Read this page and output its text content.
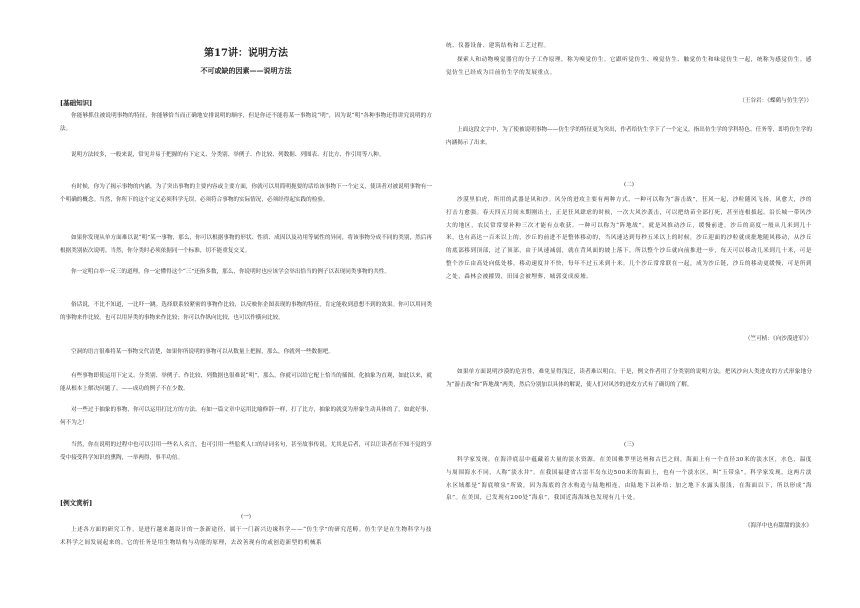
第17讲：说明方法
不可或缺的因素——说明方法
[基础知识]

你能够抓住被说明事物的特征，你能够恰当而正确地安排说明的顺序，但是你还不能将某一事物说“明”，因为说“明”各种事物还得讲究说明的方法。

说明方法较多，一般来说，常见并易于把握的有下定义、分类别、举例子、作比较、列数据、列图表、打比方、作引用等八种。

有时候，你为了揭示事物的内涵，为了突出事物的主要内容或主要方面，你就可以用简明扼要的话给该事物下一个定义，使读者对被说明事物有一个明确的概念。当然，你所下的这个定义必须科学无误，必须符合事物的实际情况，必须经得起实践的检验。

如果你发现从单方面难以说“明”某一事物，那么，你可以根据事物的形状、性质、成因以及功用等属性的异同，将该事物分成不同的类别，然后再根据类别依次说明。当然，你分类时必须依据同一个标准，切不能重复交叉。

你一定明白举一反三的道理，你一定懂得这个“三”还指多数，那么，你说明时也应该学会举出恰当的例子以表现同类事物的共性。

俗话说，不比不知道，一比吓一跳。选择联系较紧密的事物作比较，以反映你企图表现的事物的特征，肯定能收到意想不到的效果。你可以用同类的事物来作比较，也可以用异类的事物来作比较；你可以作纵向比较，也可以作横向比较。

空洞的语言很难将某一事物交代清楚，如果你所说明的事物可以从数量上把握，那么，你就列一些数据吧。

有些事物即使运用下定义、分类别、举例子、作比较、列数据也很难说“明”，那么，你就可以给它配上恰当的插图，化抽象为直观，如此以来，就能从根本上解决问题了。——成功的例子不在少数。

对一些过于抽象的事物，你可以运用打比方的方法。有如一篇文章中运用比喻修辞一样，打了比方，抽象的就变为形象生动具体的了，如此好事，何不为之！

当然，你在说明的过程中也可以引用一些名人名言，也可引用一些脍炙人口的诗词名句，甚至故事传说。尤其是后者，可以让读者在不知不觉的享受中接受科学知识的熏陶，一举两得，事半功倍。

[例文赏析]
(一)

上述各方面的研究工作，是进行越来越设计的一条新途径，属于一门新兴边缘科学——“仿生学”的研究范畴。仿生学是在生物科学与技术科学之间发展起来的，它的任务是用生物结构与功能的原理，去改善现有的或创造新型的机械系

统、仪器设备、建筑结构和工艺过程。

探索人和动物嗅觉器官的分子工作原理，称为嗅觉仿生。它跟听觉仿生、嗅觉仿生、触觉仿生和味觉仿生一起，统称为感觉仿生。感觉仿生已经成为目前仿生学的发展重点。

（王谷岩：《蝶鹤与仿生学》）

上面这段文字中，为了使被说明事物——仿生学的特征更为突出，作者给仿生学下了一个定义，指出仿生学的学科特色、任务等，即将仿生学的内涵揭示了出来。

(二)

沙漠里伯虎，所用的武器是风和沙。风分的进攻主要有两种方式，一种可以称为“游击战”，狂风一起，沙粒随风飞扬，风愈大，沙的打击力愈强。春天四五月间末期刚出土，正是狂风肆虐的时候，一次大风沙袭击，可以把幼苗全部打死，甚至连根拔起。沿长城一带风沙大的地区，农民常常要补种三次才能有点收获。一种可以称为“阵地战”，就是风推动沙丘，缓慢前进。沙丘的高度一般从几米到几十米，也有高达一百米以上的，沙丘的前进不是整体移动的，当风速达到每秒五米以上的时候，沙丘迎面的沙粒就成批地随风移动，从沙丘的底部移到顶部，过了顶部，由于风速减弱，就在背风面的坡上落下，所以整个沙丘就向前推进一步，每天可以移动几米到几十米，可是整个沙丘由高处向低处移，移动速度并不快，每年不过五米到十米。几个沙丘常常联在一起，成为沙丘链，沙丘的移动更缓慢，可是所到之处，森林会被摧毁，田园会被埋葬，城郭变成废墟。

（竺可桢：《向沙漠进军》）

如果单方面说明沙漠的危害性，难免显得浅泛，读者难以明白。于是，例文作者用了分类别的说明方法，把风沙向人类进攻的方式形象地分为“游击战”和“阵地战”两类，然后分别加以具体的解说，使人们对风沙的进攻方式有了确切的了解。

(三)

科学家发现，在海洋底层中蕴藏着大量的淡水资源。在美国佛罗里达州和古巴之间，海面上有一个直径30米的淡水区，水色、温度与周围海水不同，人称“淡水井”。在我国福建省古雷半岛东边500米的海面上，也有一个淡水区，叫“玉带泉”，科学家发现，这两片淡水区域都是“海底喷泉”所致，因为海底的含水构造与陆地相连，由陆地下以补给；加之地下水露头很浅，在海面以下，所以形成“海泉”。在美国，已发现有200处“海泉”，我国近海海域也发现有几十处。

《海洋中也有甜甜的淡水》
